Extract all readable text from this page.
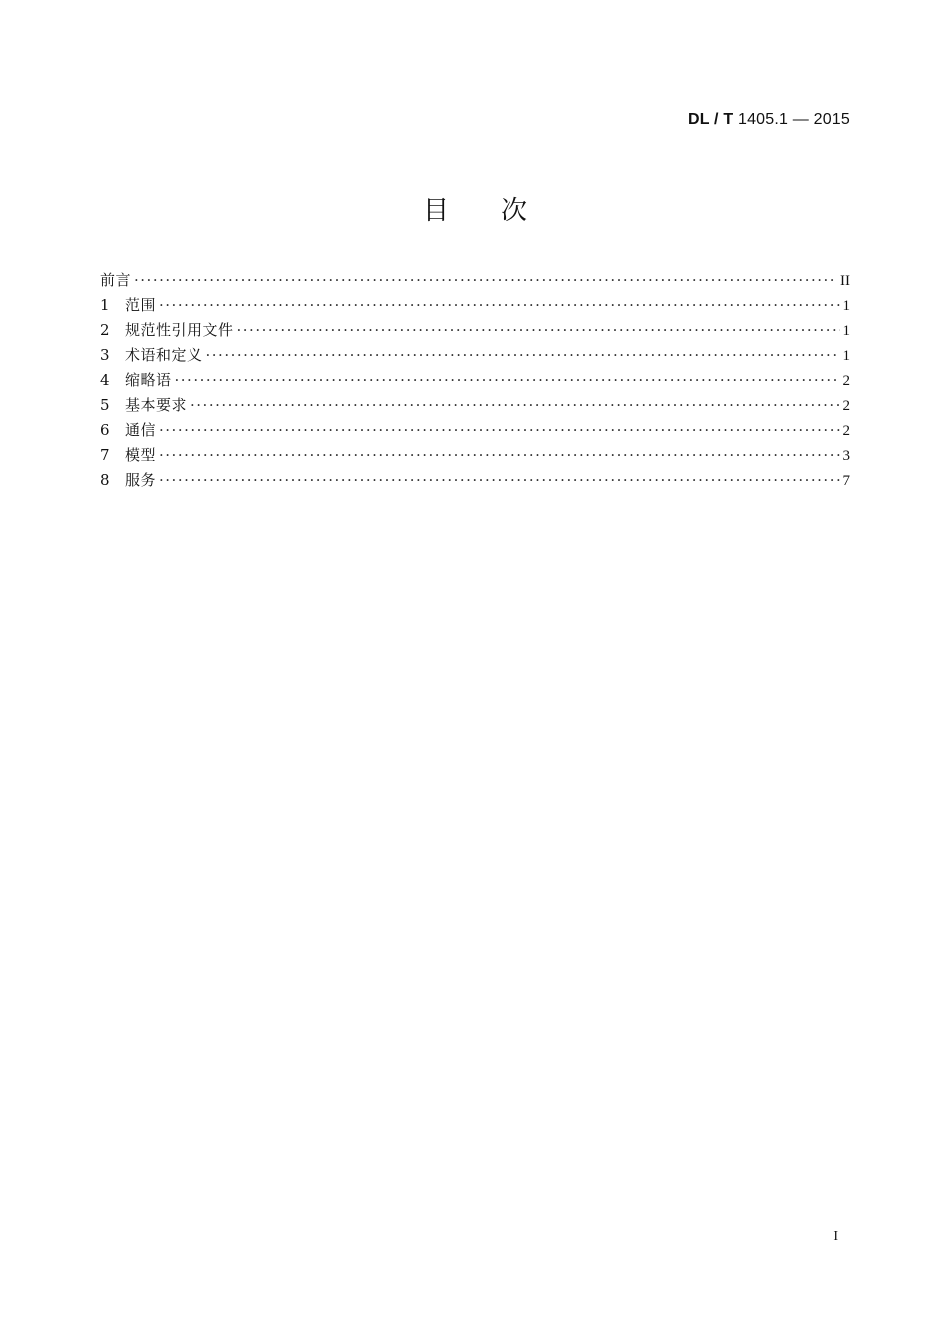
DL / T 1405.1 — 2015
目 次
前言 ·····	II
1	范围 ·····	1
2	规范性引用文件 ·····	1
3	术语和定义 ·····	1
4	缩略语 ·····	2
5	基本要求 ·····	2
6	通信 ·····	2
7	模型 ·····	3
8	服务 ·····	7
I
